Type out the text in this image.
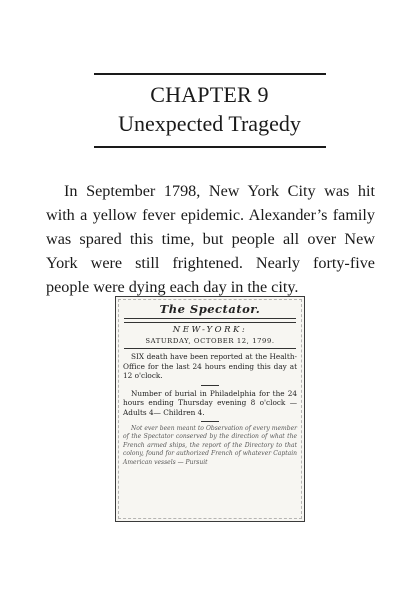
CHAPTER 9
Unexpected Tragedy

In September 1798, New York City was hit with a yellow fever epidemic. Alexander’s family was spared this time, but people all over New York were still frightened. Nearly forty-five people were dying each day in the city.

The Spectator.
NEW-YORK:
SATURDAY, OCTOBER 12, 1799.

SIX death have been reported at the Health-Office for the last 24 hours ending this day at 12 o'clock.

Number of burial in Philadelphia for the 24 hours ending Thursday evening 8 o'clock —Adults 4— Children 4.

Not ever been meant to Observation of every member of the Spectator conserved by the direction of what the French armed ships, the report of the Directory to that colony, found for authorized French of whatever Captain American vessels — Pursuit
